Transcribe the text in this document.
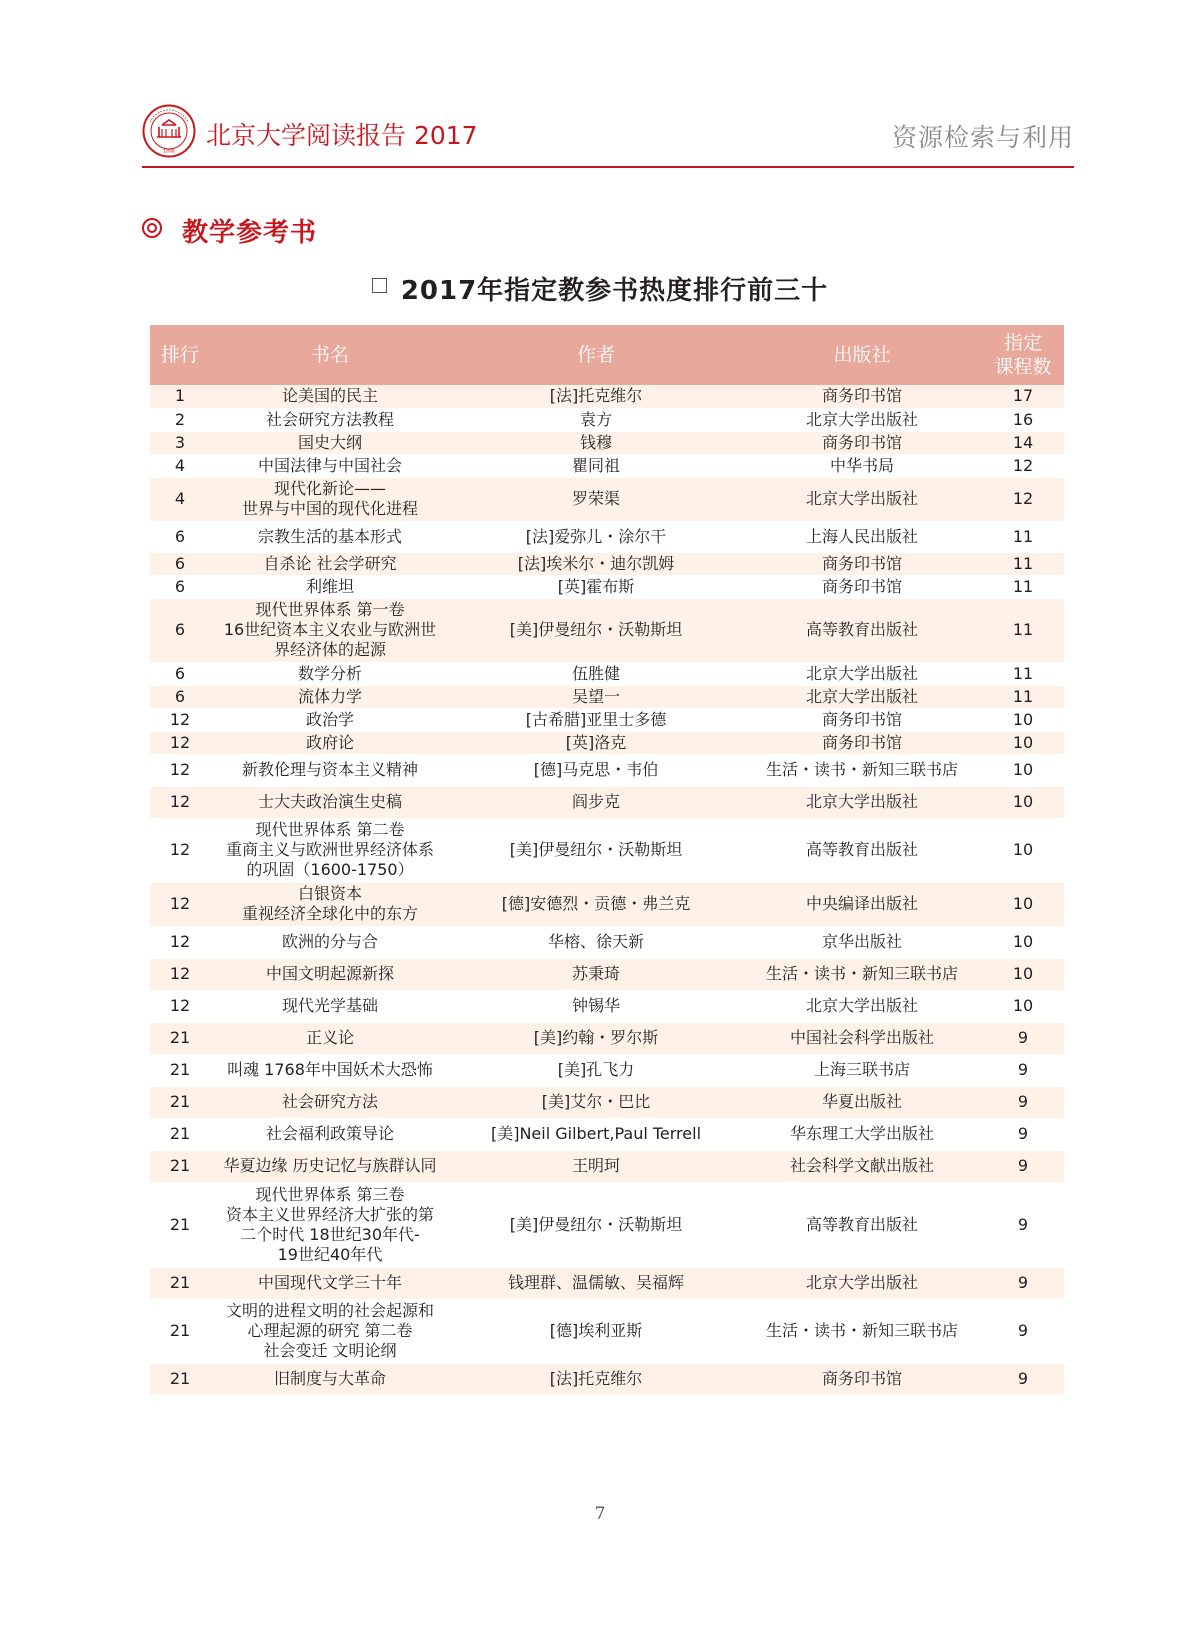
1898
北京大学阅读报告 2017	资源检索与利用
教学参考书
2017年指定教参书热度排行前三十
排行	书名	作者	出版社	指定
课程数
1	论美国的民主	[法]托克维尔	商务印书馆	17
2	社会研究方法教程	袁方	北京大学出版社	16
3	国史大纲	钱穆	商务印书馆	14
4	中国法律与中国社会	瞿同祖	中华书局	12
4	现代化新论——
世界与中国的现代化进程	罗荣渠	北京大学出版社	12
6	宗教生活的基本形式	[法]爱弥儿・涂尔干	上海人民出版社	11
6	自杀论 社会学研究	[法]埃米尔・迪尔凯姆	商务印书馆	11
6	利维坦	[英]霍布斯	商务印书馆	11
6	现代世界体系 第一卷
16世纪资本主义农业与欧洲世
界经济体的起源	[美]伊曼纽尔・沃勒斯坦	高等教育出版社	11
6	数学分析	伍胜健	北京大学出版社	11
6	流体力学	吴望一	北京大学出版社	11
12	政治学	[古希腊]亚里士多德	商务印书馆	10
12	政府论	[英]洛克	商务印书馆	10
12	新教伦理与资本主义精神	[德]马克思・韦伯	生活・读书・新知三联书店	10
12	士大夫政治演生史稿	阎步克	北京大学出版社	10
12	现代世界体系 第二卷
重商主义与欧洲世界经济体系
的巩固（1600-1750）	[美]伊曼纽尔・沃勒斯坦	高等教育出版社	10
12	白银资本
重视经济全球化中的东方	[德]安德烈・贡德・弗兰克	中央编译出版社	10
12	欧洲的分与合	华榕、徐天新	京华出版社	10
12	中国文明起源新探	苏秉琦	生活・读书・新知三联书店	10
12	现代光学基础	钟锡华	北京大学出版社	10
21	正义论	[美]约翰・罗尔斯	中国社会科学出版社	9
21	叫魂 1768年中国妖术大恐怖	[美]孔飞力	上海三联书店	9
21	社会研究方法	[美]艾尔・巴比	华夏出版社	9
21	社会福利政策导论	[美]Neil Gilbert,Paul Terrell	华东理工大学出版社	9
21	华夏边缘 历史记忆与族群认同	王明珂	社会科学文献出版社	9
21	现代世界体系 第三卷
资本主义世界经济大扩张的第
二个时代 18世纪30年代-
19世纪40年代	[美]伊曼纽尔・沃勒斯坦	高等教育出版社	9
21	中国现代文学三十年	钱理群、温儒敏、吴福辉	北京大学出版社	9
21	文明的进程文明的社会起源和
心理起源的研究 第二卷
社会变迁 文明论纲	[德]埃利亚斯	生活・读书・新知三联书店	9
21	旧制度与大革命	[法]托克维尔	商务印书馆	9
7
